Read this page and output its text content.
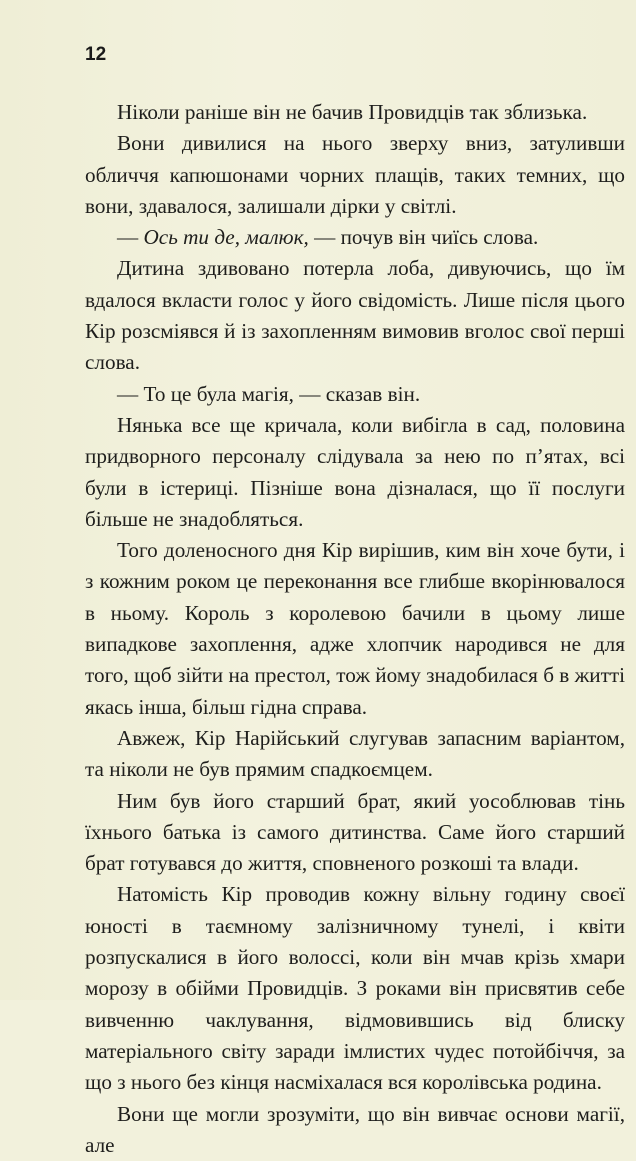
12

Ніколи раніше він не бачив Провидців так зблизька.

Вони дивилися на нього зверху вниз, затуливши обличчя капюшонами чорних плащів, таких темних, що вони, здавалося, залишали дірки у світлі.

— Ось ти де, малюк, — почув він чиїсь слова.

Дитина здивовано потерла лоба, дивуючись, що їм вдалося вкласти голос у його свідомість. Лише після цього Кір розсміявся й із захопленням вимовив вголос свої перші слова.

— То це була магія, — сказав він.

Нянька все ще кричала, коли вибігла в сад, половина придворного персоналу слідувала за нею по п’ятах, всі були в істериці. Пізніше вона дізналася, що її послуги більше не знадобляться.

Того доленосного дня Кір вирішив, ким він хоче бути, і з кожним роком це переконання все глибше вкорінювалося в ньому. Король з королевою бачили в цьому лише випадкове захоплення, адже хлопчик народився не для того, щоб зійти на престол, тож йому знадобилася б в житті якась інша, більш гідна справа.

Авжеж, Кір Нарійський слугував запасним варіантом, та ніколи не був прямим спадкоємцем.

Ним був його старший брат, який уособлював тінь їхнього батька із самого дитинства. Саме його старший брат готувався до життя, сповненого розкоші та влади.

Натомість Кір проводив кожну вільну годину своєї юності в таємному залізничному тунелі, і квіти розпускалися в його волоссі, коли він мчав крізь хмари морозу в обійми Провидців. З роками він присвятив себе вивченню чаклування, відмовившись від блиску матеріального світу заради імлистих чудес потойбіччя, за що з нього без кінця насміхалася вся королівська родина.

Вони ще могли зрозуміти, що він вивчає основи магії, але
